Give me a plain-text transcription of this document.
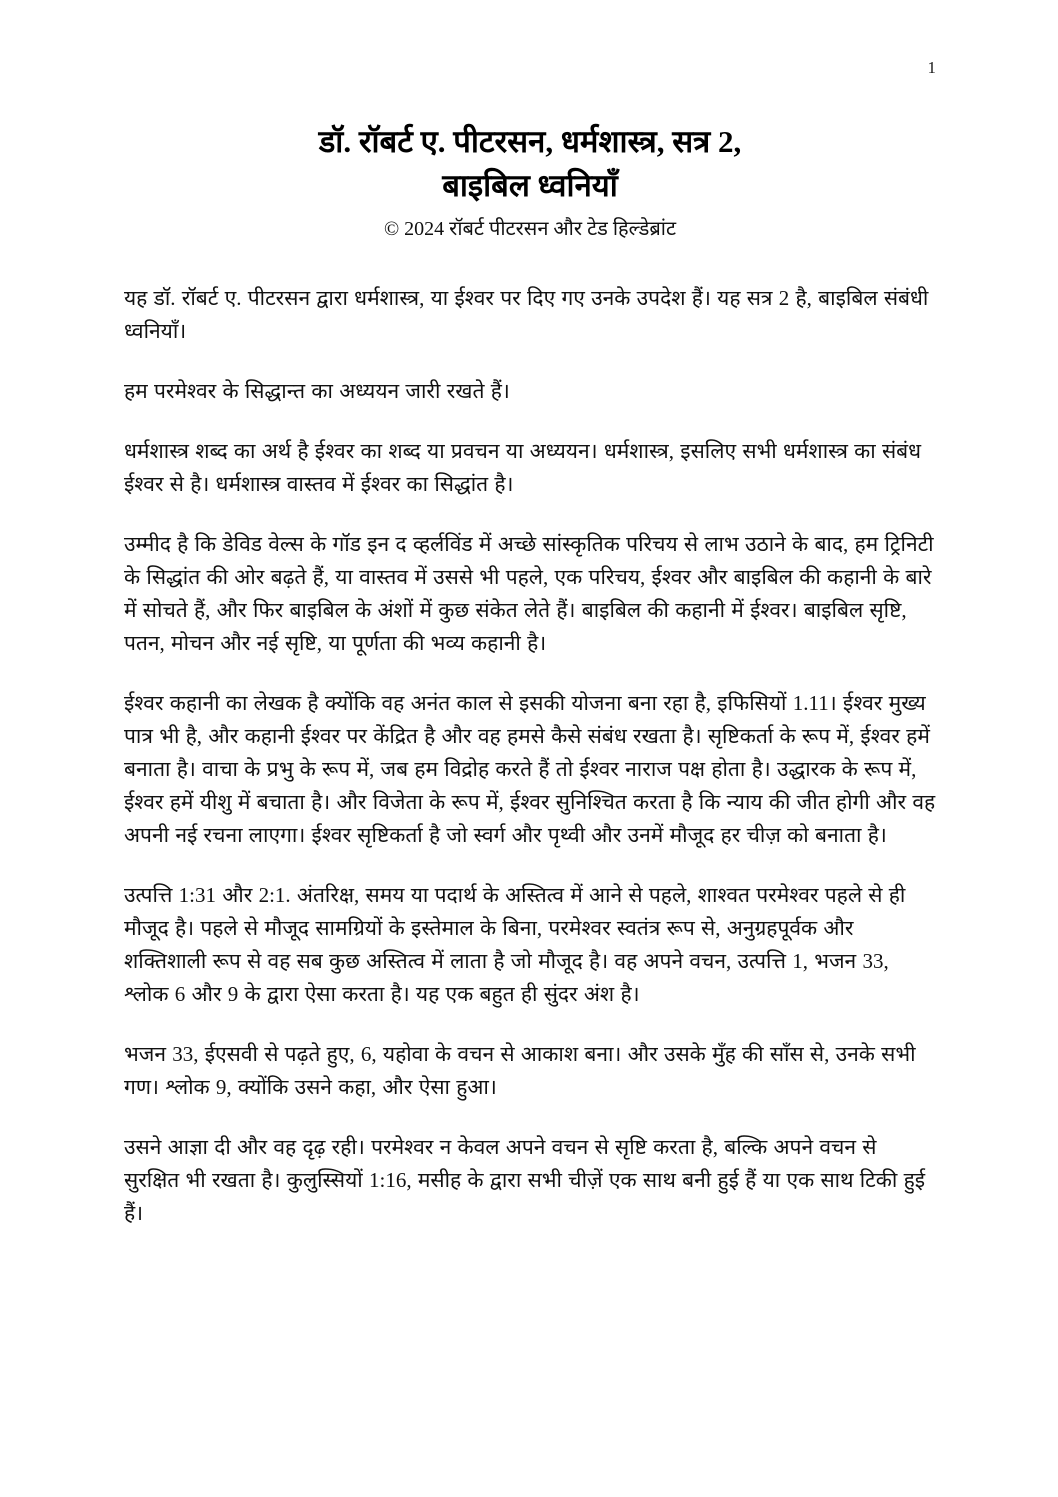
1
डॉ. रॉबर्ट ए. पीटरसन, धर्मशास्त्र, सत्र 2,
बाइबिल ध्वनियाँ
© 2024 रॉबर्ट पीटरसन और टेड हिल्डेब्रांट

यह डॉ. रॉबर्ट ए. पीटरसन द्वारा धर्मशास्त्र, या ईश्वर पर दिए गए उनके उपदेश हैं। यह सत्र 2 है, बाइबिल संबंधी ध्वनियाँ।

हम परमेश्वर के सिद्धान्त का अध्ययन जारी रखते हैं।

धर्मशास्त्र शब्द का अर्थ है ईश्वर का शब्द या प्रवचन या अध्ययन। धर्मशास्त्र, इसलिए सभी धर्मशास्त्र का संबंध ईश्वर से है। धर्मशास्त्र वास्तव में ईश्वर का सिद्धांत है।

उम्मीद है कि डेविड वेल्स के गॉड इन द व्हर्लविंड में अच्छे सांस्कृतिक परिचय से लाभ उठाने के बाद, हम ट्रिनिटी के सिद्धांत की ओर बढ़ते हैं, या वास्तव में उससे भी पहले, एक परिचय, ईश्वर और बाइबिल की कहानी के बारे में सोचते हैं, और फिर बाइबिल के अंशों में कुछ संकेत लेते हैं। बाइबिल की कहानी में ईश्वर। बाइबिल सृष्टि, पतन, मोचन और नई सृष्टि, या पूर्णता की भव्य कहानी है।

ईश्वर कहानी का लेखक है क्योंकि वह अनंत काल से इसकी योजना बना रहा है, इफिसियों 1.11। ईश्वर मुख्य पात्र भी है, और कहानी ईश्वर पर केंद्रित है और वह हमसे कैसे संबंध रखता है। सृष्टिकर्ता के रूप में, ईश्वर हमें बनाता है। वाचा के प्रभु के रूप में, जब हम विद्रोह करते हैं तो ईश्वर नाराज पक्ष होता है। उद्धारक के रूप में, ईश्वर हमें यीशु में बचाता है। और विजेता के रूप में, ईश्वर सुनिश्चित करता है कि न्याय की जीत होगी और वह अपनी नई रचना लाएगा। ईश्वर सृष्टिकर्ता है जो स्वर्ग और पृथ्वी और उनमें मौजूद हर चीज़ को बनाता है।

उत्पत्ति 1:31 और 2:1. अंतरिक्ष, समय या पदार्थ के अस्तित्व में आने से पहले, शाश्वत परमेश्वर पहले से ही मौजूद है। पहले से मौजूद सामग्रियों के इस्तेमाल के बिना, परमेश्वर स्वतंत्र रूप से, अनुग्रहपूर्वक और शक्तिशाली रूप से वह सब कुछ अस्तित्व में लाता है जो मौजूद है। वह अपने वचन, उत्पत्ति 1, भजन 33, श्लोक 6 और 9 के द्वारा ऐसा करता है। यह एक बहुत ही सुंदर अंश है।

भजन 33, ईएसवी से पढ़ते हुए, 6, यहोवा के वचन से आकाश बना। और उसके मुँह की साँस से, उनके सभी गण। श्लोक 9, क्योंकि उसने कहा, और ऐसा हुआ।

उसने आज्ञा दी और वह दृढ़ रही। परमेश्वर न केवल अपने वचन से सृष्टि करता है, बल्कि अपने वचन से सुरक्षित भी रखता है। कुलुस्सियों 1:16, मसीह के द्वारा सभी चीज़ें एक साथ बनी हुई हैं या एक साथ टिकी हुई हैं।
